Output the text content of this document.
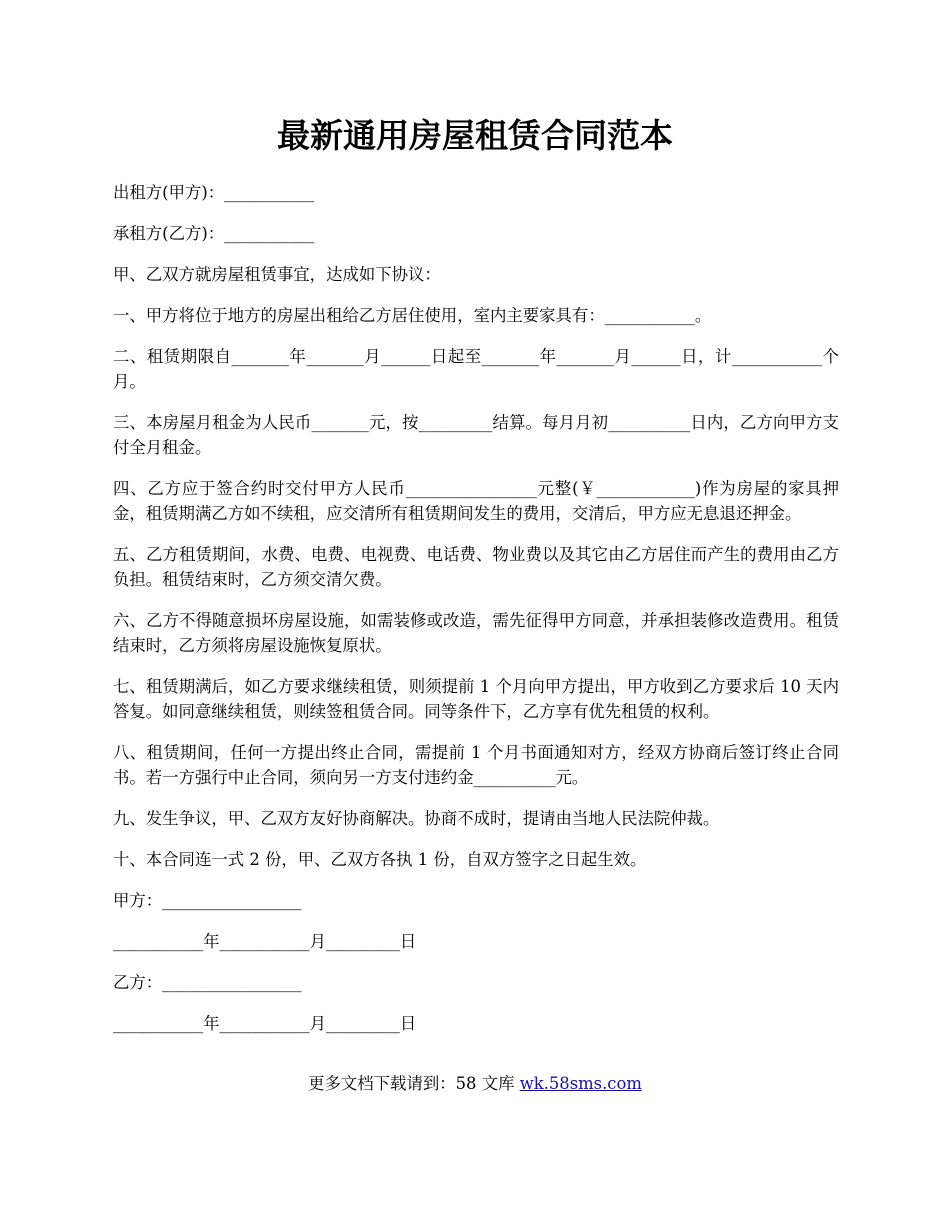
最新通用房屋租赁合同范本

出租方(甲方)：___________

承租方(乙方)：___________

甲、乙双方就房屋租赁事宜，达成如下协议：

一、甲方将位于地方的房屋出租给乙方居住使用，室内主要家具有：___________。

二、租赁期限自_______年_______月______日起至_______年_______月______日，计___________个月。

三、本房屋月租金为人民币_______元，按_________结算。每月月初__________日内，乙方向甲方支付全月租金。

四、乙方应于签合约时交付甲方人民币________________元整(￥____________)作为房屋的家具押金，租赁期满乙方如不续租，应交清所有租赁期间发生的费用，交清后，甲方应无息退还押金。

五、乙方租赁期间，水费、电费、电视费、电话费、物业费以及其它由乙方居住而产生的费用由乙方负担。租赁结束时，乙方须交清欠费。

六、乙方不得随意损坏房屋设施，如需装修或改造，需先征得甲方同意，并承担装修改造费用。租赁结束时，乙方须将房屋设施恢复原状。

七、租赁期满后，如乙方要求继续租赁，则须提前 1 个月向甲方提出，甲方收到乙方要求后 10 天内答复。如同意继续租赁，则续签租赁合同。同等条件下，乙方享有优先租赁的权利。

八、租赁期间，任何一方提出终止合同，需提前 1 个月书面通知对方，经双方协商后签订终止合同书。若一方强行中止合同，须向另一方支付违约金__________元。

九、发生争议，甲、乙双方友好协商解决。协商不成时，提请由当地人民法院仲裁。

十、本合同连一式 2 份，甲、乙双方各执 1 份，自双方签字之日起生效。

甲方：_________________

___________年___________月_________日

乙方：_________________

___________年___________月_________日

更多文档下载请到：58 文库 wk.58sms.com
